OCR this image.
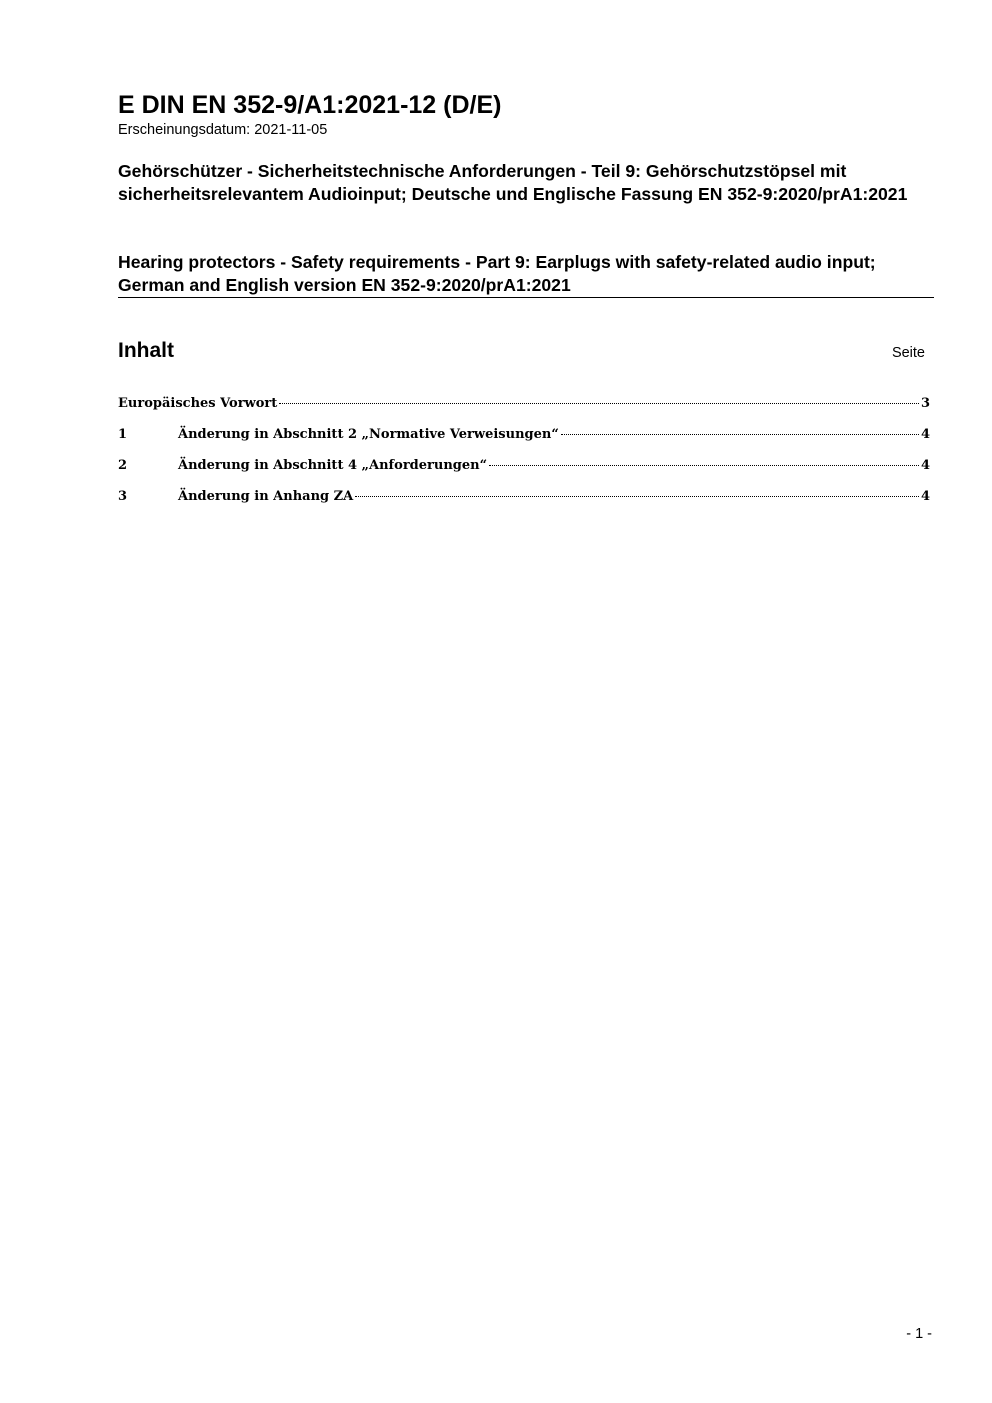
E DIN EN 352-9/A1:2021-12 (D/E)
Erscheinungsdatum: 2021-11-05
Gehörschützer - Sicherheitstechnische Anforderungen - Teil 9: Gehörschutzstöpsel mit sicherheitsrelevantem Audioinput; Deutsche und Englische Fassung EN 352-9:2020/prA1:2021
Hearing protectors - Safety requirements - Part 9: Earplugs with safety-related audio input; German and English version EN 352-9:2020/prA1:2021
Inhalt	Seite
Europäisches Vorwort	3
1	Änderung in Abschnitt 2 „Normative Verweisungen“	4
2	Änderung in Abschnitt 4 „Anforderungen“	4
3	Änderung in Anhang ZA	4
- 1 -
